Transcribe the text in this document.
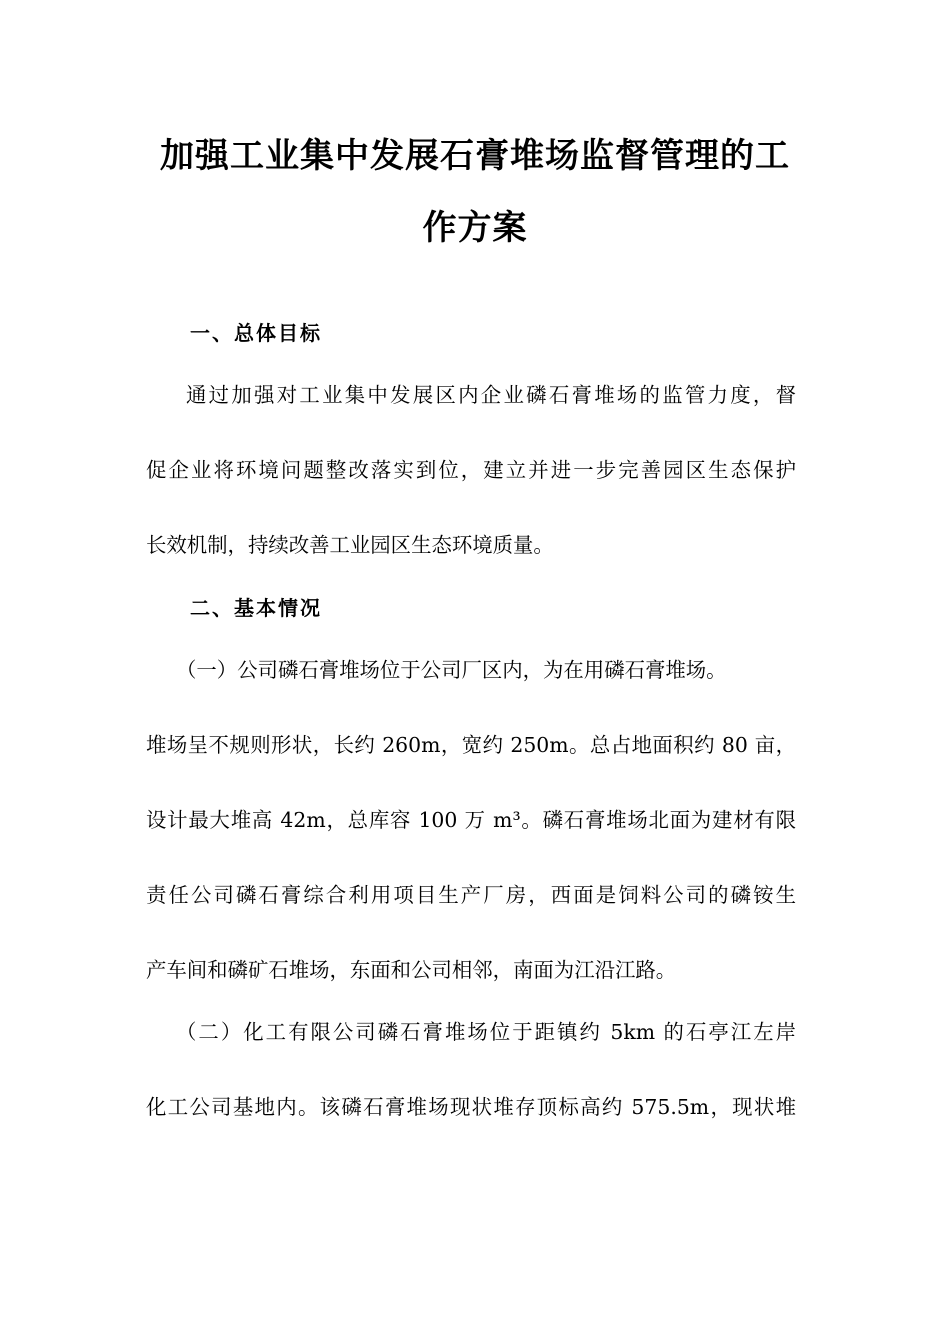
加强工业集中发展石膏堆场监督管理的工
作方案
一、总体目标

通过加强对工业集中发展区内企业磷石膏堆场的监管力度，督

促企业将环境问题整改落实到位，建立并进一步完善园区生态保护

长效机制，持续改善工业园区生态环境质量。

二、基本情况

（一）公司磷石膏堆场位于公司厂区内，为在用磷石膏堆场。

堆场呈不规则形状，长约 260m，宽约 250m。总占地面积约 80 亩，

设计最大堆高 42m，总库容 100 万 m³。磷石膏堆场北面为建材有限

责任公司磷石膏综合利用项目生产厂房，西面是饲料公司的磷铵生

产车间和磷矿石堆场，东面和公司相邻，南面为江沿江路。

（二）化工有限公司磷石膏堆场位于距镇约 5km 的石亭江左岸

化工公司基地内。该磷石膏堆场现状堆存顶标高约 575.5m，现状堆
